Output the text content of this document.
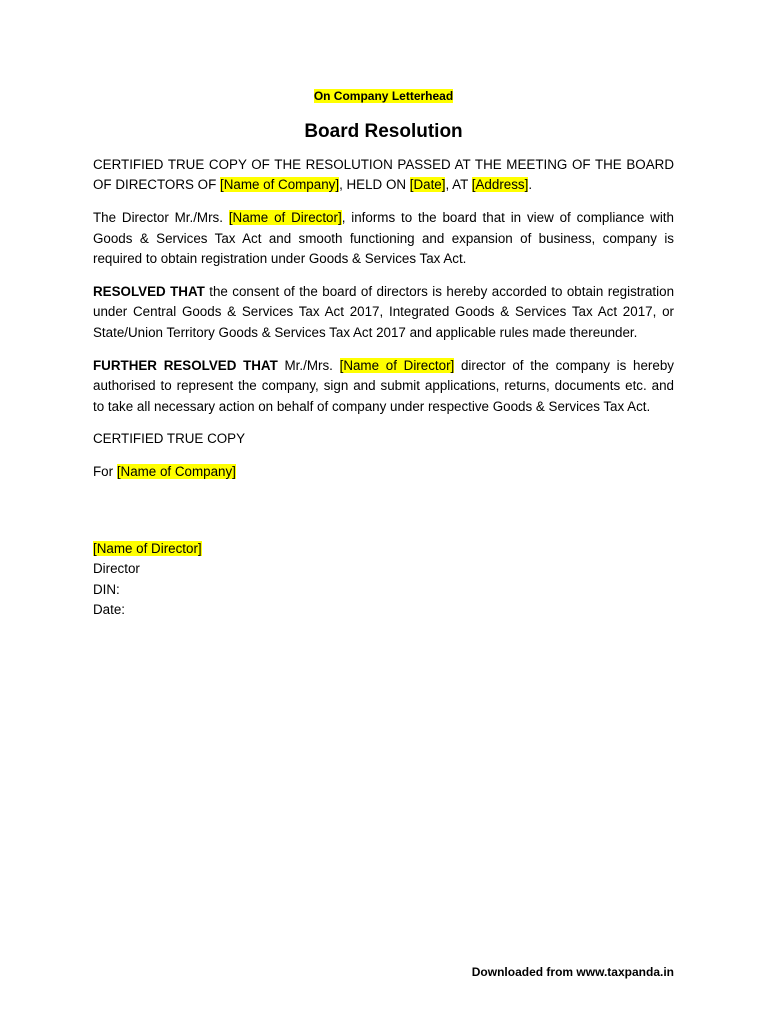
On Company Letterhead
Board Resolution

CERTIFIED TRUE COPY OF THE RESOLUTION PASSED AT THE MEETING OF THE BOARD OF DIRECTORS OF [Name of Company], HELD ON [Date], AT [Address].

The Director Mr./Mrs. [Name of Director], informs to the board that in view of compliance with Goods & Services Tax Act and smooth functioning and expansion of business, company is required to obtain registration under Goods & Services Tax Act.

RESOLVED THAT the consent of the board of directors is hereby accorded to obtain registration under Central Goods & Services Tax Act 2017, Integrated Goods & Services Tax Act 2017, or State/Union Territory Goods & Services Tax Act 2017 and applicable rules made thereunder.

FURTHER RESOLVED THAT Mr./Mrs. [Name of Director] director of the company is hereby authorised to represent the company, sign and submit applications, returns, documents etc. and to take all necessary action on behalf of company under respective Goods & Services Tax Act.

CERTIFIED TRUE COPY

For [Name of Company]

[Name of Director]
Director
DIN:
Date:
Downloaded from www.taxpanda.in
